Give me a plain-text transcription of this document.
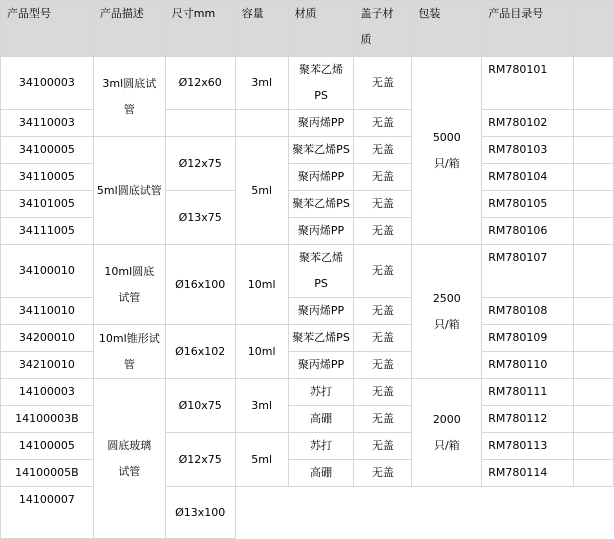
产品型号	产品描述	尺寸mm	容量	材质	盖子材质	包装	产品目录号	
34100003	3ml圆底试管	Ø12x60	3ml	聚苯乙烯PS	无盖	5000只/箱	RM780101	
34110003				聚丙烯PP	无盖		RM780102	
34100005	5ml圆底试管	Ø12x75	5ml	聚苯乙烯PS	无盖		RM780103	
34110005				聚丙烯PP	无盖		RM780104	
34101005		Ø13x75		聚苯乙烯PS	无盖		RM780105	
34111005				聚丙烯PP	无盖		RM780106	
34100010	10ml圆底试管	Ø16x100	10ml	聚苯乙烯PS	无盖	2500只/箱	RM780107	
34110010				聚丙烯PP	无盖		RM780108	
34200010	10ml锥形试管	Ø16x102	10ml	聚苯乙烯PS	无盖		RM780109	
34210010				聚丙烯PP	无盖		RM780110	
14100003	圆底玻璃试管	Ø10x75	3ml	苏打	无盖	2000只/箱	RM780111	
14100003B				高硼	无盖		RM780112	
14100005		Ø12x75	5ml	苏打	无盖		RM780113	
14100005B				高硼	无盖		RM780114	
14100007		Ø13x100						
